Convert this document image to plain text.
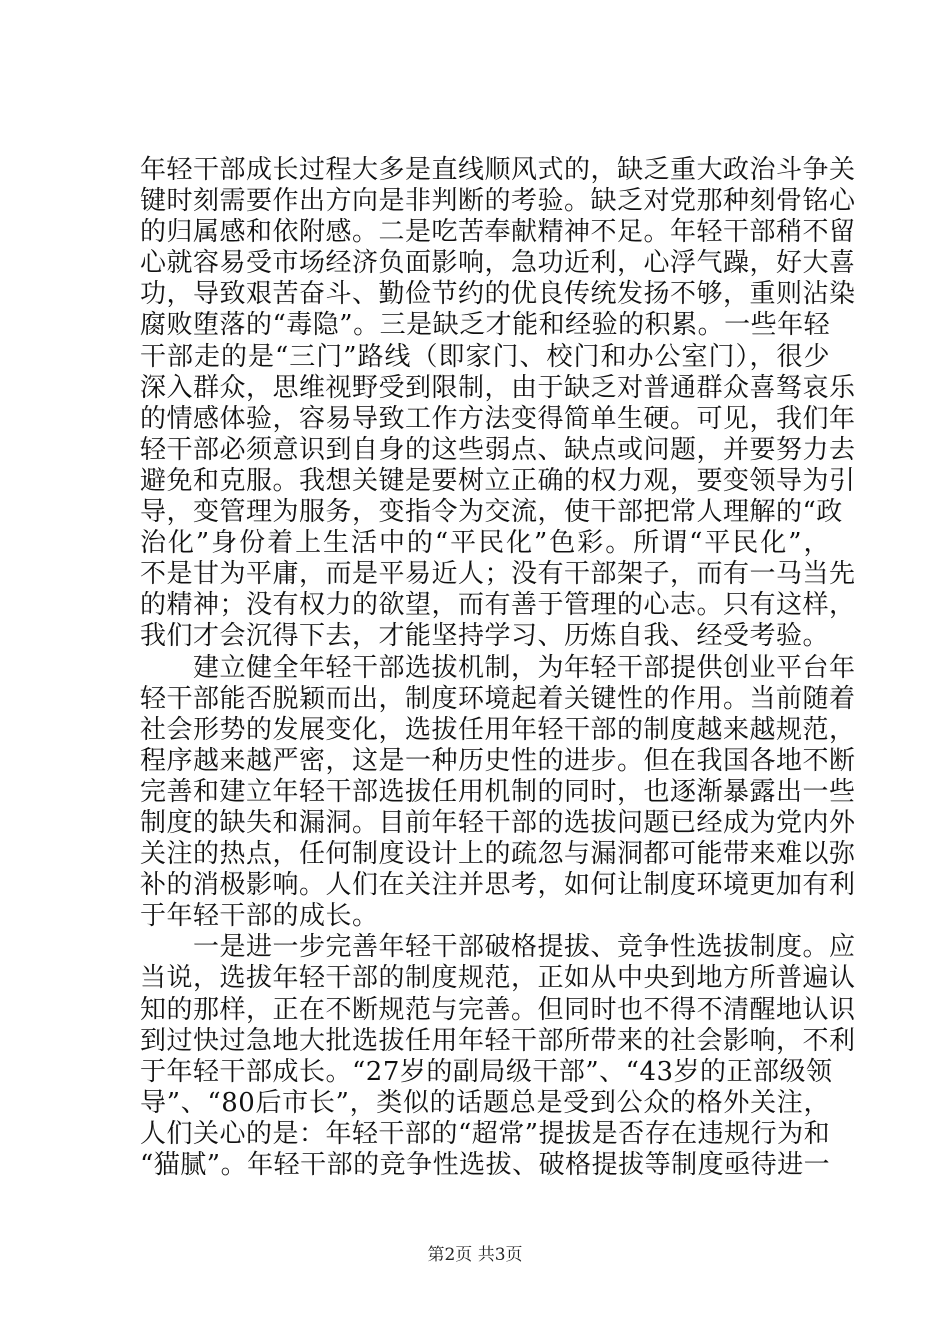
年轻干部成长过程大多是直线顺风式的，缺乏重大政治斗争关
键时刻需要作出方向是非判断的考验。缺乏对党那种刻骨铭心
的归属感和依附感。二是吃苦奉献精神不足。年轻干部稍不留
心就容易受市场经济负面影响，急功近利，心浮气躁，好大喜
功，导致艰苦奋斗、勤俭节约的优良传统发扬不够，重则沾染
腐败堕落的“毒隐”。三是缺乏才能和经验的积累。一些年轻
干部走的是“三门”路线（即家门、校门和办公室门），很少
深入群众，思维视野受到限制，由于缺乏对普通群众喜驽哀乐
的情感体验，容易导致工作方法变得简单生硬。可见，我们年
轻干部必须意识到自身的这些弱点、缺点或问题，并要努力去
避免和克服。我想关键是要树立正确的权力观，要变领导为引
导，变管理为服务，变指令为交流，使干部把常人理解的“政
治化”身份着上生活中的“平民化”色彩。所谓“平民化”，
不是甘为平庸，而是平易近人；没有干部架子，而有一马当先
的精神；没有权力的欲望，而有善于管理的心志。只有这样，
我们才会沉得下去，才能坚持学习、历炼自我、经受考验。
　　建立健全年轻干部选拔机制，为年轻干部提供创业平台年
轻干部能否脱颖而出，制度环境起着关键性的作用。当前随着
社会形势的发展变化，选拔任用年轻干部的制度越来越规范，
程序越来越严密，这是一种历史性的进步。但在我国各地不断
完善和建立年轻干部选拔任用机制的同时，也逐渐暴露出一些
制度的缺失和漏洞。目前年轻干部的选拔问题已经成为党内外
关注的热点，任何制度设计上的疏忽与漏洞都可能带来难以弥
补的消极影响。人们在关注并思考，如何让制度环境更加有利
于年轻干部的成长。
　　一是进一步完善年轻干部破格提拔、竞争性选拔制度。应
当说，选拔年轻干部的制度规范，正如从中央到地方所普遍认
知的那样，正在不断规范与完善。但同时也不得不清醒地认识
到过快过急地大批选拔任用年轻干部所带来的社会影响，不利
于年轻干部成长。“27岁的副局级干部”、“43岁的正部级领
导”、“80后市长”，类似的话题总是受到公众的格外关注，
人们关心的是：年轻干部的“超常”提拔是否存在违规行为和
“猫腻”。年轻干部的竞争性选拔、破格提拔等制度亟待进一
第2页 共3页
